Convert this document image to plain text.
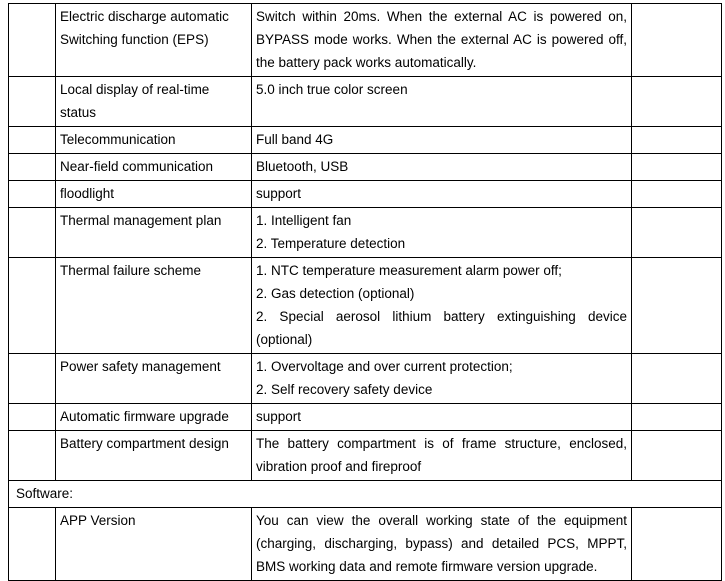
	Electric discharge automatic Switching function (EPS)	Switch within 20ms. When the external AC is powered on, BYPASS mode works. When the external AC is powered off, the battery pack works automatically.	

	Local display of real-time status	5.0 inch true color screen	

	Telecommunication	Full band 4G	

	Near-field communication	Bluetooth, USB	

	floodlight	support	

	Thermal management plan	1. Intelligent fan
2. Temperature detection	

	Thermal failure scheme	1. NTC temperature measurement alarm power off;
2. Gas detection (optional)
2. Special aerosol lithium battery extinguishing device (optional)	

	Power safety management	1. Overvoltage and over current protection;
2. Self recovery safety device	

	Automatic firmware upgrade	support	

	Battery compartment design	The battery compartment is of frame structure, enclosed, vibration proof and fireproof	

Software:			
	APP Version	You can view the overall working state of the equipment (charging, discharging, bypass) and detailed PCS, MPPT, BMS working data and remote firmware version upgrade.	
